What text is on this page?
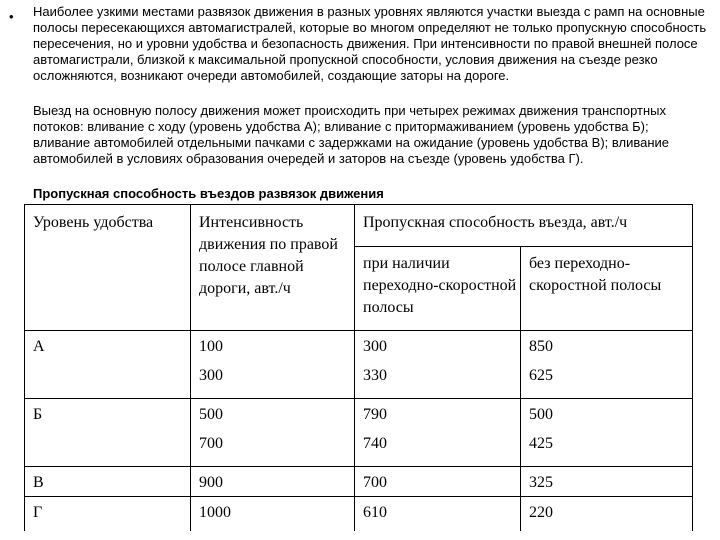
• Наиболее узкими местами развязок движения в разных уровнях являются участки выезда с рамп на основные полосы пересекающихся автомагистралей, которые во многом определяют не только пропускную способность пересечения, но и уровни удобства и безопасность движения. При интенсивности по правой внешней полосе автомагистрали, близкой к максимальной пропускной способности, условия движения на съезде резко осложняются, возникают очереди автомобилей, создающие заторы на дороге.

Выезд на основную полосу движения может происходить при четырех режимах движения транспортных потоков: вливание с ходу (уровень удобства А); вливание с притормаживанием (уровень удобства Б); вливание автомобилей отдельными пачками с задержками на ожидание (уровень удобства В); вливание автомобилей в условиях образования очередей и заторов на съезде (уровень удобства Г).

Пропускная способность въездов развязок движения

Уровень удобства	Интенсивность движения по правой полосе главной дороги, авт./ч	Пропускная способность въезда, авт./ч	
		при наличии переходно-скоростной полосы	без переходно-скоростной полосы
А	100	300	850
	300	330	625
Б	500	790	500
	700	740	425
В	900	700	325
Г	1000	610	220
